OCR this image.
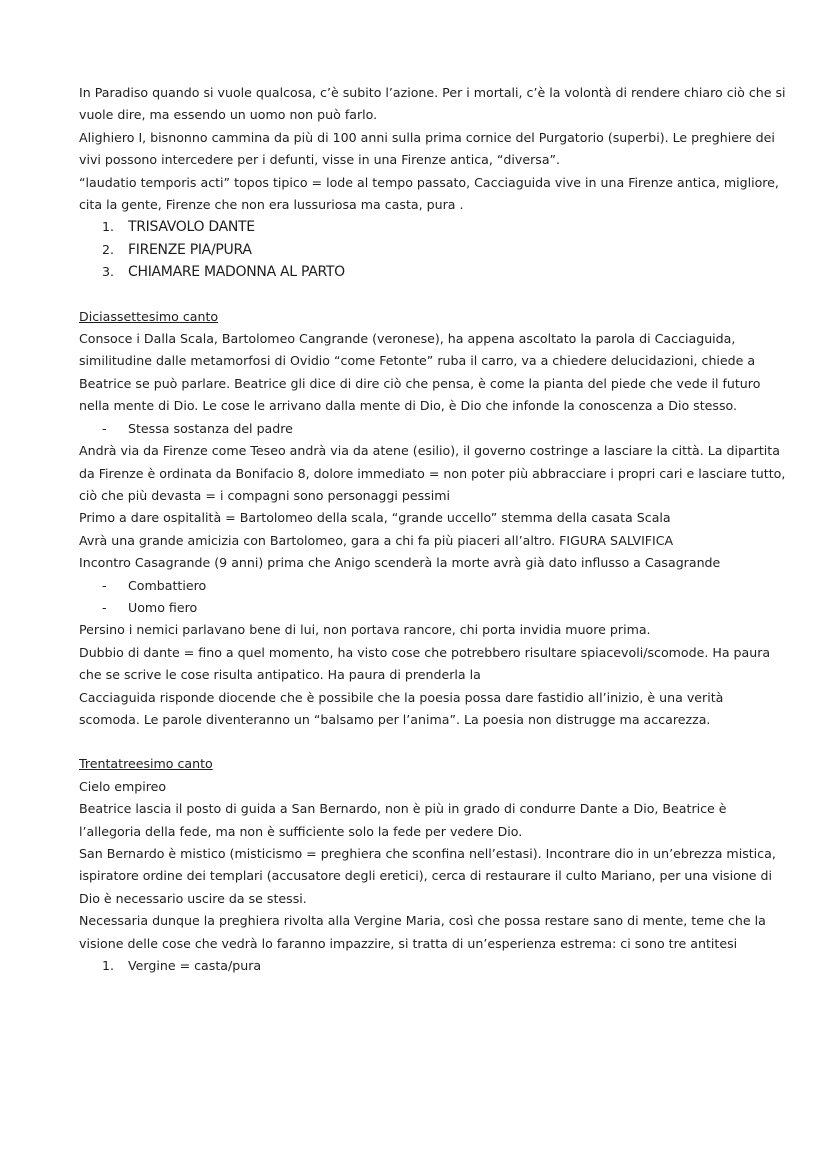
In Paradiso quando si vuole qualcosa, c’è subito l’azione. Per i mortali, c’è la volontà di rendere chiaro ciò che si vuole dire, ma essendo un uomo non può farlo.

Alighiero I, bisnonno cammina da più di 100 anni sulla prima cornice del Purgatorio (superbi). Le preghiere dei vivi possono intercedere per i defunti, visse in una Firenze antica, “diversa”.

“laudatio temporis acti” topos tipico = lode al tempo passato, Cacciaguida vive in una Firenze antica, migliore, cita la gente, Firenze che non era lussuriosa ma casta, pura .

1. TRISAVOLO DANTE
2. FIRENZE PIA/PURA
3. CHIAMARE MADONNA AL PARTO

Diciassettesimo canto

Consoce i Dalla Scala, Bartolomeo Cangrande (veronese), ha appena ascoltato la parola di Cacciaguida, similitudine dalle metamorfosi di Ovidio “come Fetonte” ruba il carro, va a chiedere delucidazioni, chiede a Beatrice se può parlare. Beatrice gli dice di dire ciò che pensa, è come la pianta del piede che vede il futuro nella mente di Dio. Le cose le arrivano dalla mente di Dio, è Dio che infonde la conoscenza a Dio stesso.

-	Stessa sostanza del padre

Andrà via da Firenze come Teseo andrà via da atene (esilio), il governo costringe a lasciare la città. La dipartita da Firenze è ordinata da Bonifacio 8, dolore immediato = non poter più abbracciare i propri cari e lasciare tutto, ciò che più devasta = i compagni sono personaggi pessimi

Primo a dare ospitalità = Bartolomeo della scala, “grande uccello” stemma della casata Scala

Avrà una grande amicizia con Bartolomeo, gara a chi fa più piaceri all’altro. FIGURA SALVIFICA

Incontro Casagrande (9 anni) prima che Anigo scenderà la morte avrà già dato influsso a Casagrande

-	Combattiero
-	Uomo fiero

Persino i nemici parlavano bene di lui, non portava rancore, chi porta invidia muore prima.

Dubbio di dante = fino a quel momento, ha visto cose che potrebbero risultare spiacevoli/scomode. Ha paura che se scrive le cose risulta antipatico. Ha paura di prenderla la

Cacciaguida risponde diocende che è possibile che la poesia possa dare fastidio all’inizio, è una verità scomoda. Le parole diventeranno un “balsamo per l’anima”. La poesia non distrugge ma accarezza.

Trentatreesimo canto

Cielo empireo

Beatrice lascia il posto di guida a San Bernardo, non è più in grado di condurre Dante a Dio, Beatrice è l’allegoria della fede, ma non è sufficiente solo la fede per vedere Dio.

San Bernardo è mistico (misticismo = preghiera che sconfina nell’estasi). Incontrare dio in un’ebrezza mistica, ispiratore ordine dei templari (accusatore degli eretici), cerca di restaurare il culto Mariano, per una visione di Dio è necessario uscire da se stessi.

Necessaria dunque la preghiera rivolta alla Vergine Maria, così che possa restare sano di mente, teme che la visione delle cose che vedrà lo faranno impazzire, si tratta di un’esperienza estrema: ci sono tre antitesi

1.	Vergine = casta/pura
